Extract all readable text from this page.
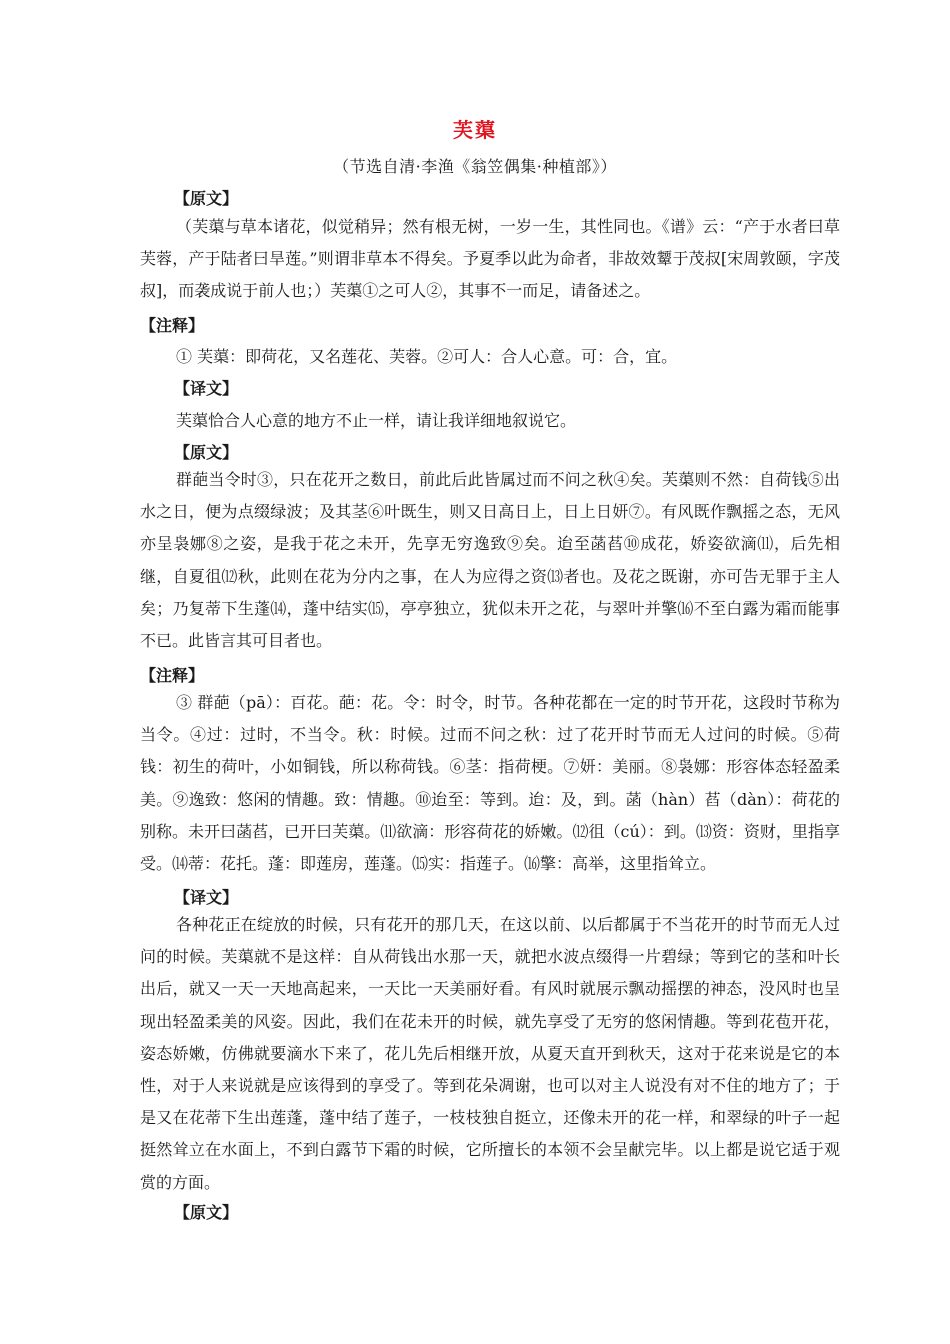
芙蕖
（节选自清·李渔《翁笠偶集·种植部》）
【原文】

（芙蕖与草本诸花，似觉稍异；然有根无树，一岁一生，其性同也。《谱》云：“产于水者曰草芙蓉，产于陆者曰旱莲。”则谓非草本不得矣。予夏季以此为命者，非故效颦于茂叔[宋周敦颐，字茂叔]，而袭成说于前人也；）芙蕖①之可人②，其事不一而足，请备述之。

【注释】
① 芙蕖：即荷花，又名莲花、芙蓉。②可人：合人心意。可：合，宜。
【译文】
芙蕖恰合人心意的地方不止一样，请让我详细地叙说它。
【原文】

群葩当令时③，只在花开之数日，前此后此皆属过而不问之秋④矣。芙蕖则不然：自荷钱⑤出水之日，便为点缀绿波；及其茎⑥叶既生，则又日高日上，日上日妍⑦。有风既作飘摇之态，无风亦呈袅娜⑧之姿，是我于花之未开，先享无穷逸致⑨矣。迨至菡萏⑩成花，娇姿欲滴⑾，后先相继，自夏徂⑿秋，此则在花为分内之事，在人为应得之资⒀者也。及花之既谢，亦可告无罪于主人矣；乃复蒂下生蓬⒁，蓬中结实⒂，亭亭独立，犹似未开之花，与翠叶并擎⒃不至白露为霜而能事不已。此皆言其可目者也。

【注释】

③ 群葩（pā）：百花。葩：花。令：时令，时节。各种花都在一定的时节开花，这段时节称为当令。④过：过时，不当令。秋：时候。过而不问之秋：过了花开时节而无人过问的时候。⑤荷钱：初生的荷叶，小如铜钱，所以称荷钱。⑥茎：指荷梗。⑦妍：美丽。⑧袅娜：形容体态轻盈柔美。⑨逸致：悠闲的情趣。致：情趣。⑩迨至：等到。迨：及，到。菡（hàn）萏（dàn）：荷花的别称。未开曰菡萏，已开曰芙蕖。⑾欲滴：形容荷花的娇嫩。⑿徂（cú）：到。⒀资：资财，里指享受。⒁蒂：花托。蓬：即莲房，莲蓬。⒂实：指莲子。⒃擎：高举，这里指耸立。

【译文】

各种花正在绽放的时候，只有花开的那几天，在这以前、以后都属于不当花开的时节而无人过问的时候。芙蕖就不是这样：自从荷钱出水那一天，就把水波点缀得一片碧绿；等到它的茎和叶长出后，就又一天一天地高起来，一天比一天美丽好看。有风时就展示飘动摇摆的神态，没风时也呈现出轻盈柔美的风姿。因此，我们在花未开的时候，就先享受了无穷的悠闲情趣。等到花苞开花，姿态娇嫩，仿佛就要滴水下来了，花儿先后相继开放，从夏天直开到秋天，这对于花来说是它的本性，对于人来说就是应该得到的享受了。等到花朵凋谢，也可以对主人说没有对不住的地方了；于是又在花蒂下生出莲蓬，蓬中结了莲子，一枝枝独自挺立，还像未开的花一样，和翠绿的叶子一起挺然耸立在水面上，不到白露节下霜的时候，它所擅长的本领不会呈献完毕。以上都是说它适于观赏的方面。

【原文】
